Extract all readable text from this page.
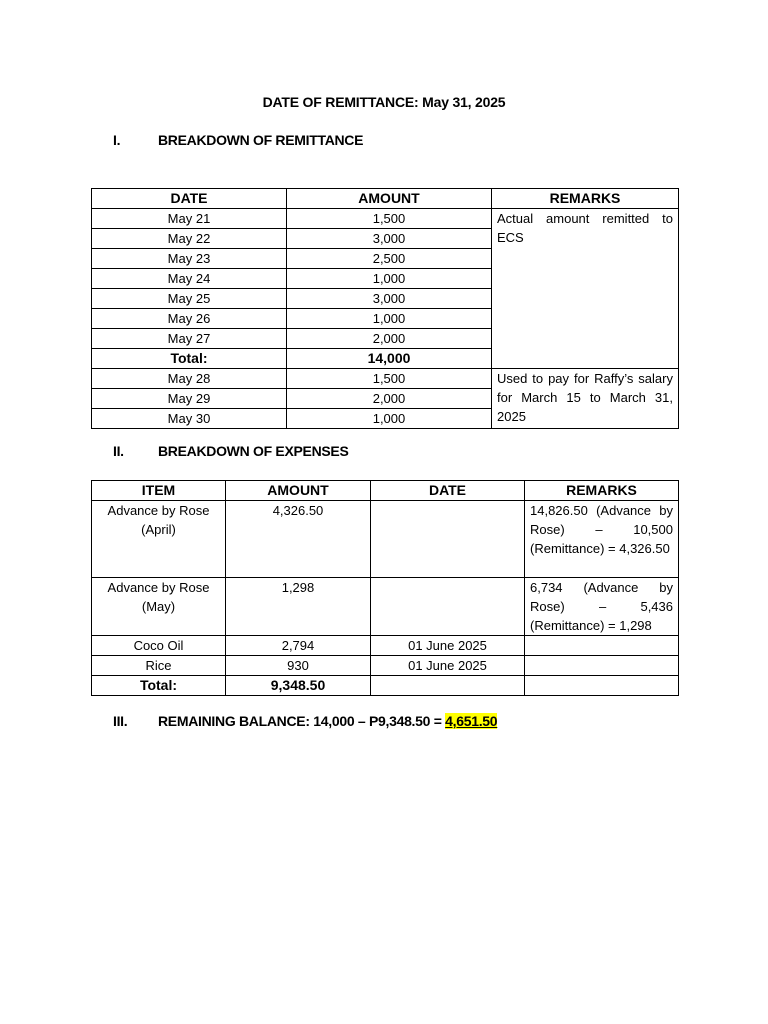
DATE OF REMITTANCE: May 31, 2025
I.	BREAKDOWN OF REMITTANCE
DATE	AMOUNT	REMARKS
May 21	1,500	Actual amount remitted to ECS
May 22	3,000	
May 23	2,500	
May 24	1,000	
May 25	3,000	
May 26	1,000	
May 27	2,000	
Total:	14,000	
May 28	1,500	Used to pay for Raffy’s salary for March 15 to March 31, 2025
May 29	2,000	
May 30	1,000	
II. BREAKDOWN OF EXPENSES
ITEM	AMOUNT	DATE	REMARKS
Advance by Rose (April)	4,326.50		14,826.50 (Advance by Rose) – 10,500 (Remittance) = 4,326.50
Advance by Rose (May)	1,298		6,734 (Advance by Rose) – 5,436 (Remittance) = 1,298
Coco Oil	2,794	01 June 2025	
Rice	930	01 June 2025	
Total:	9,348.50		
III. REMAINING BALANCE: 14,000 – P9,348.50 = 4,651.50
